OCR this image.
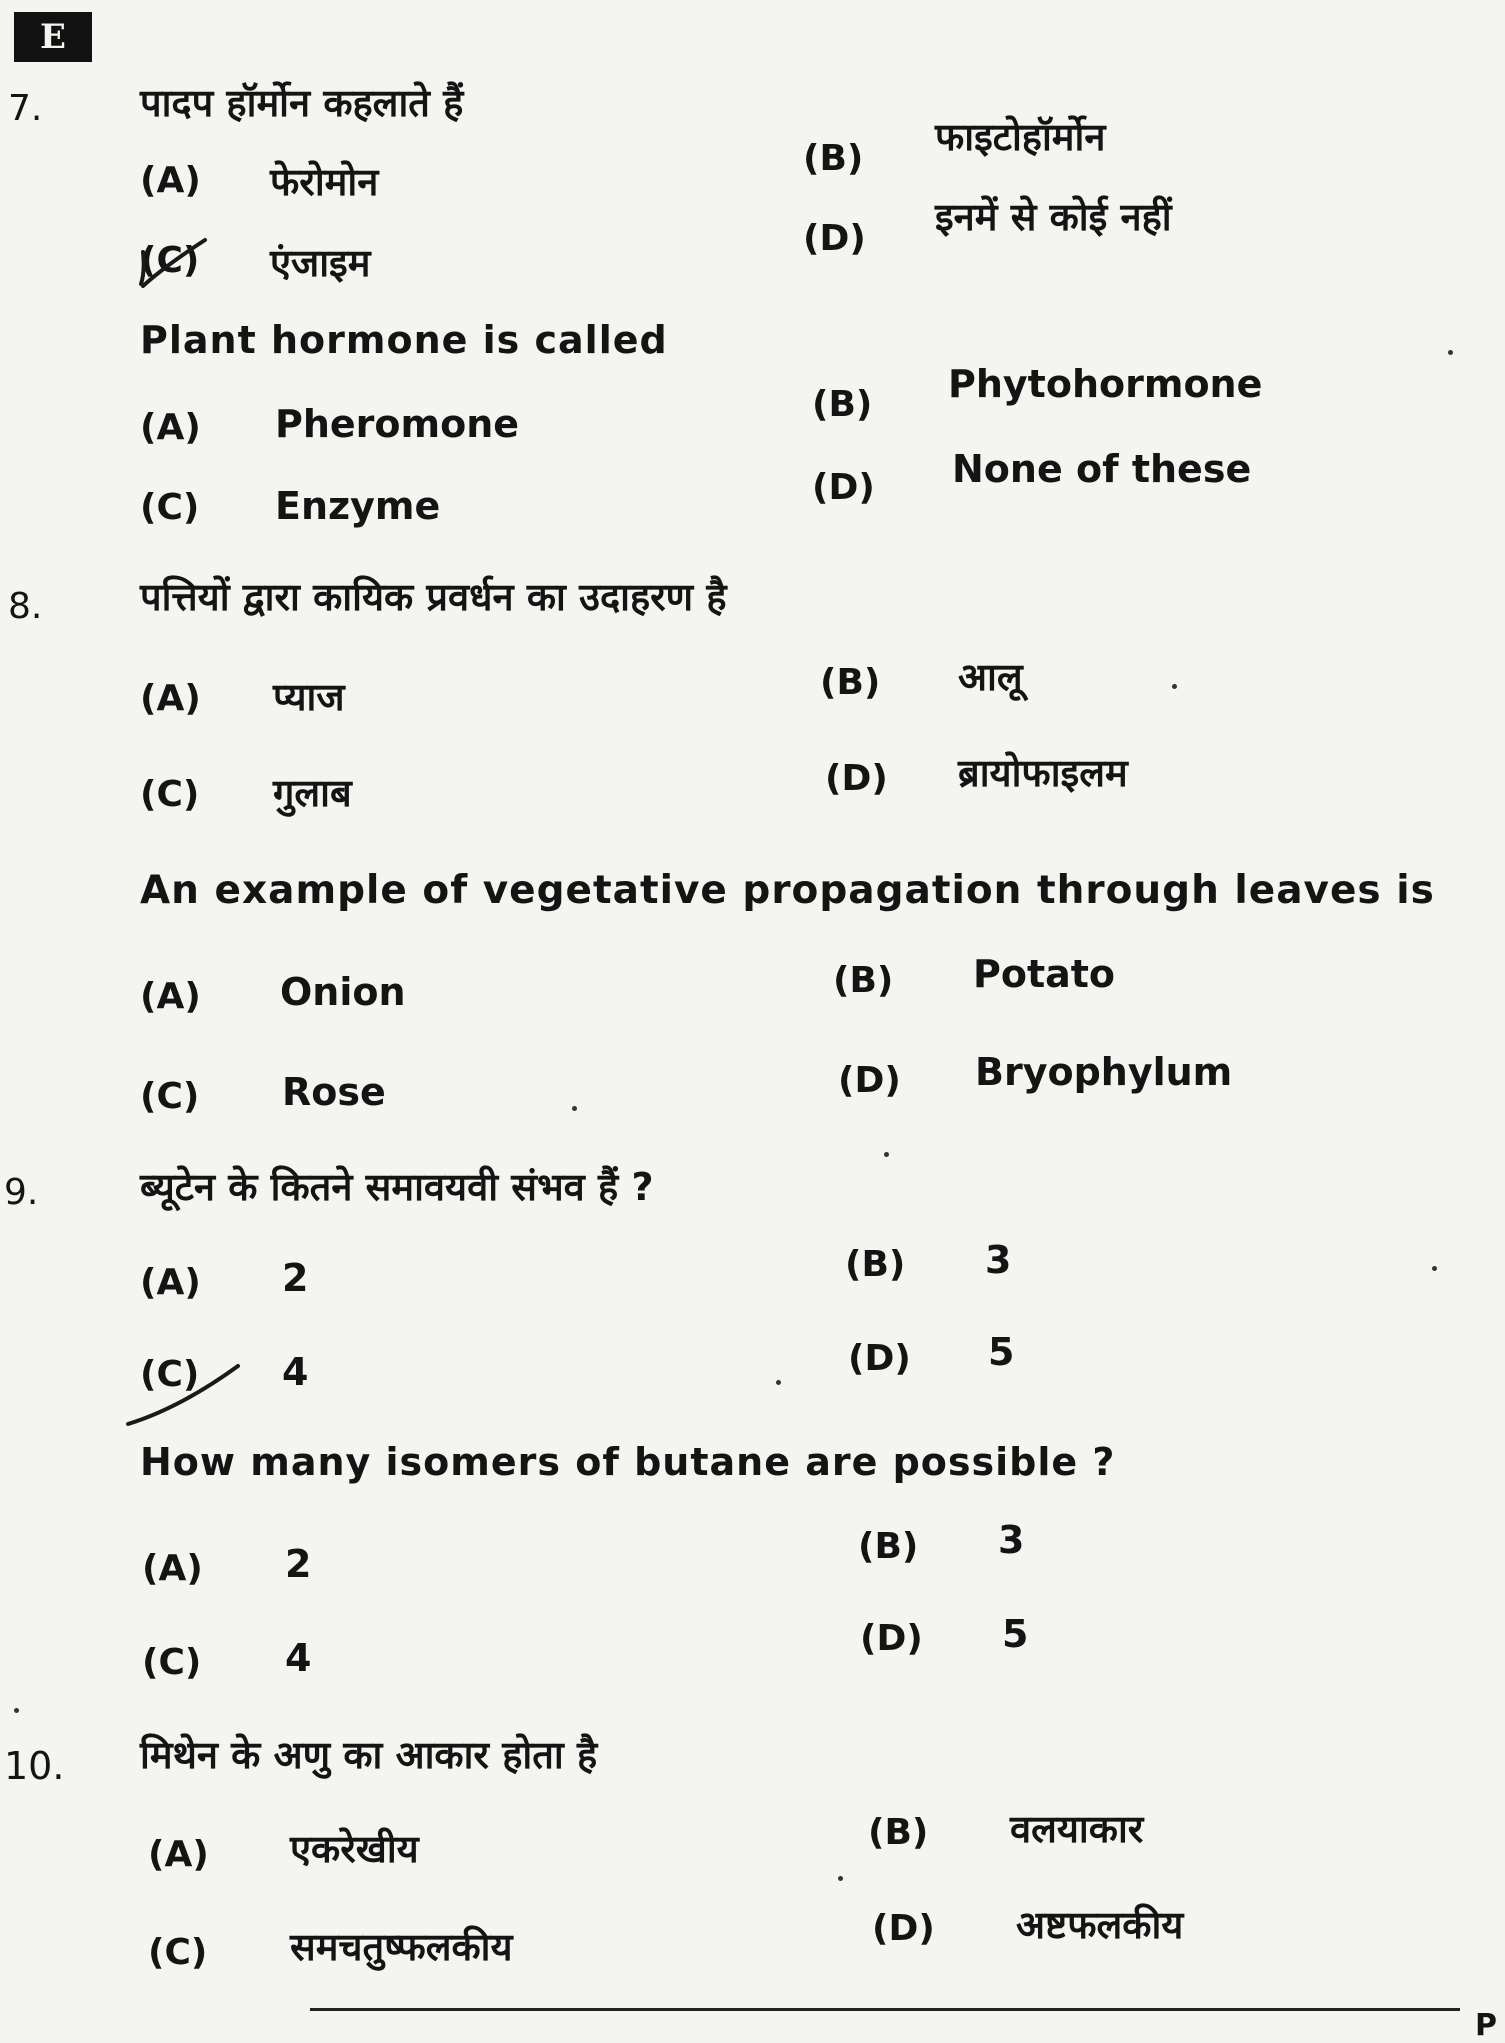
E
7.	पादप हॉर्मोन कहलाते हैं
(A) फेरोमोन
(B) फाइटोहॉर्मोन
(C) एंजाइम
(D) इनमें से कोई नहीं
Plant hormone is called
(A) Pheromone	(B) Phytohormone
(C) Enzyme	(D) None of these
8.	पत्तियों द्वारा कायिक प्रवर्धन का उदाहरण है
(A) प्याज	(B) आलू
(C) गुलाब	(D) ब्रायोफाइलम
An example of vegetative propagation through leaves is
(A) Onion	(B) Potato
(C) Rose	(D) Bryophylum
9.	ब्यूटेन के कितने समावयवी संभव हैं ?
(A) 2	(B) 3
(C) 4	(D) 5
How many isomers of butane are possible ?
(A) 2	(B) 3
(C) 4	(D) 5
10. मिथेन के अणु का आकार होता है
(A) एकरेखीय	(B) वलयाकार
(C) समचतुष्फलकीय	(D) अष्टफलकीय
P
